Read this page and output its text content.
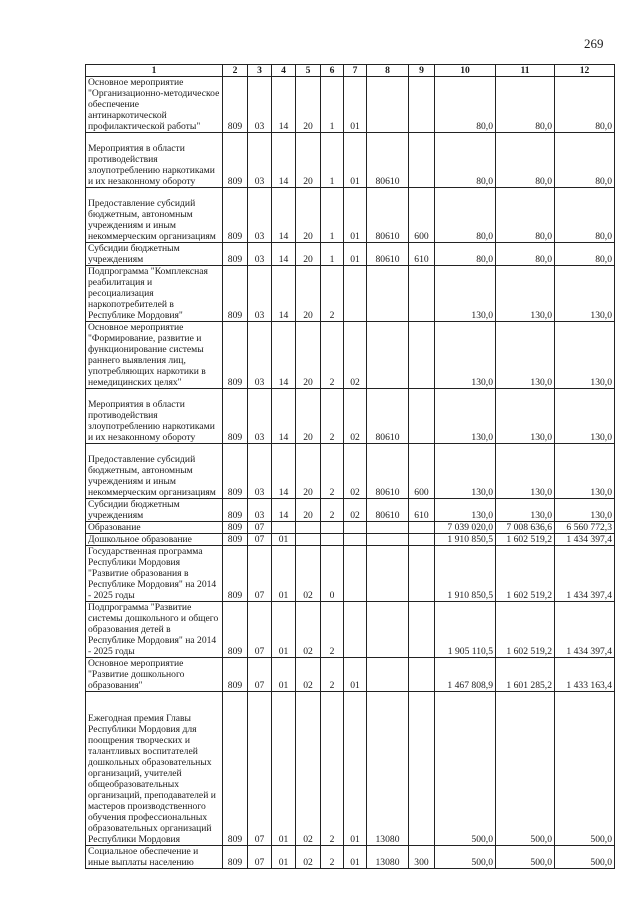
269
1	2	3	4	5	6	7	8	9	10	11	12
Основное мероприятие "Организационно-методическое обеспечение антинаркотической профилактической работы"	809	03	14	20	1	01			80,0	80,0	80,0
Мероприятия в области противодействия злоупотреблению наркотиками и их незаконному обороту	809	03	14	20	1	01	80610		80,0	80,0	80,0
Предоставление субсидий бюджетным, автономным учреждениям и иным некоммерческим организациям	809	03	14	20	1	01	80610	600	80,0	80,0	80,0
Субсидии бюджетным учреждениям	809	03	14	20	1	01	80610	610	80,0	80,0	80,0
Подпрограмма "Комплексная реабилитация и ресоциализация наркопотребителей в Республике Мордовия"	809	03	14	20	2				130,0	130,0	130,0
Основное мероприятие "Формирование, развитие и функционирование системы раннего выявления лиц, употребляющих наркотики в немедицинских целях"	809	03	14	20	2	02			130,0	130,0	130,0
Мероприятия в области противодействия злоупотреблению наркотиками и их незаконному обороту	809	03	14	20	2	02	80610		130,0	130,0	130,0
Предоставление субсидий бюджетным, автономным учреждениям и иным некоммерческим организациям	809	03	14	20	2	02	80610	600	130,0	130,0	130,0
Субсидии бюджетным учреждениям	809	03	14	20	2	02	80610	610	130,0	130,0	130,0
Образование	809	07							7 039 020,0	7 008 636,6	6 560 772,3
Дошкольное образование	809	07	01						1 910 850,5	1 602 519,2	1 434 397,4
Государственная программа Республики Мордовия "Развитие образования в Республике Мордовия" на 2014 - 2025 годы	809	07	01	02	0				1 910 850,5	1 602 519,2	1 434 397,4
Подпрограмма "Развитие системы дошкольного и общего образования детей в Республике Мордовия" на 2014 - 2025 годы	809	07	01	02	2				1 905 110,5	1 602 519,2	1 434 397,4
Основное мероприятие "Развитие дошкольного образования"	809	07	01	02	2	01			1 467 808,9	1 601 285,2	1 433 163,4
Ежегодная премия Главы Республики Мордовия для поощрения творческих и талантливых воспитателей дошкольных образовательных организаций, учителей общеобразовательных организаций, преподавателей и мастеров производственного обучения профессиональных образовательных организаций Республики Мордовия	809	07	01	02	2	01	13080		500,0	500,0	500,0
Социальное обеспечение и иные выплаты населению	809	07	01	02	2	01	13080	300	500,0	500,0	500,0
